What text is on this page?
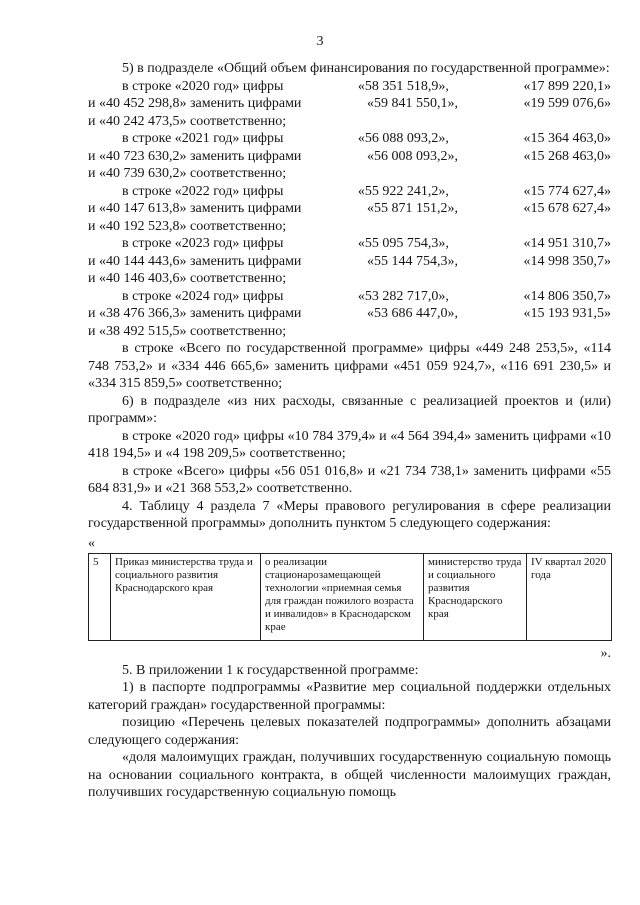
3

5) в подразделе «Общий объем финансирования по государственной программе»:

в строке «2020 год» цифры	«58 351 518,9»,	«17 899 220,1»
и «40 452 298,8» заменить цифрами	«59 841 550,1»,	«19 599 076,6»

и «40 242 473,5» соответственно;

в строке «2021 год» цифры	«56 088 093,2»,	«15 364 463,0»
и «40 723 630,2» заменить цифрами	«56 008 093,2»,	«15 268 463,0»

и «40 739 630,2» соответственно;

в строке «2022 год» цифры	«55 922 241,2»,	«15 774 627,4»
и «40 147 613,8» заменить цифрами	«55 871 151,2»,	«15 678 627,4»

и «40 192 523,8» соответственно;

в строке «2023 год» цифры	«55 095 754,3»,	«14 951 310,7»
и «40 144 443,6» заменить цифрами	«55 144 754,3»,	«14 998 350,7»

и «40 146 403,6» соответственно;

в строке «2024 год» цифры	«53 282 717,0»,	«14 806 350,7»
и «38 476 366,3» заменить цифрами	«53 686 447,0»,	«15 193 931,5»

и «38 492 515,5» соответственно;

в строке «Всего по государственной программе» цифры «449 248 253,5», «114 748 753,2» и «334 446 665,6» заменить цифрами «451 059 924,7», «116 691 230,5» и «334 315 859,5» соответственно;

6) в подразделе «из них расходы, связанные с реализацией проектов и (или) программ»:

в строке «2020 год» цифры «10 784 379,4» и «4 564 394,4» заменить цифрами «10 418 194,5» и «4 198 209,5» соответственно;

в строке «Всего» цифры «56 051 016,8» и «21 734 738,1» заменить цифрами «55 684 831,9» и «21 368 553,2» соответственно.

4. Таблицу 4 раздела 7 «Меры правового регулирования в сфере реализации государственной программы» дополнить пунктом 5 следующего содержания:

«
5	Приказ министерства труда и социального развития Краснодарского края	о реализации стационарозамещающей технологии «приемная семья для граждан пожилого возраста и инвалидов» в Краснодарском крае	министерство труда и социального развития Краснодарского края	IV квартал 2020 года
».

5. В приложении 1 к государственной программе:

1) в паспорте подпрограммы «Развитие мер социальной поддержки отдельных категорий граждан» государственной программы:

позицию «Перечень целевых показателей подпрограммы» дополнить абзацами следующего содержания:

«доля малоимущих граждан, получивших государственную социальную помощь на основании социального контракта, в общей численности малоимущих граждан, получивших государственную социальную помощь
